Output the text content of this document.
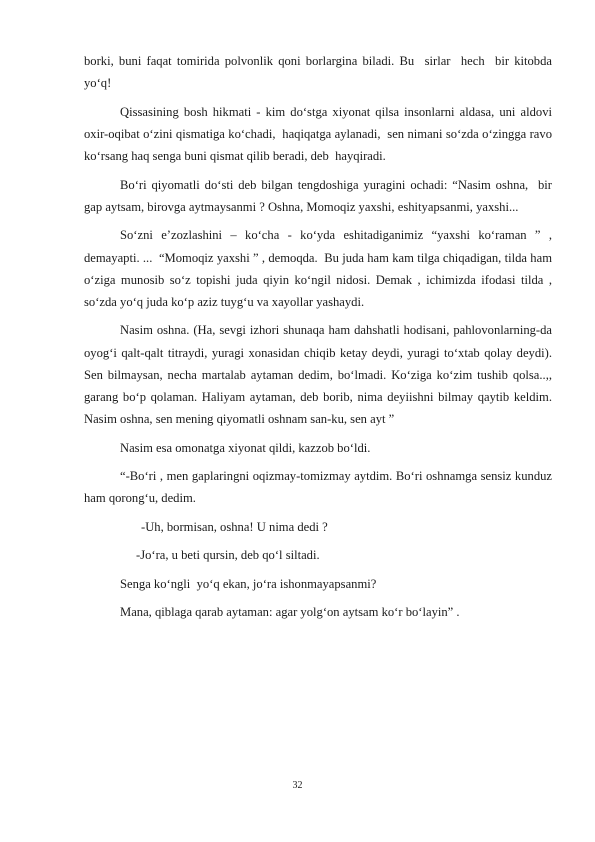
borki, buni faqat tomirida polvonlik qoni borlargina biladi. Bu  sirlar  hech  bir kitobda  yo‘q!

Qissasining bosh hikmati - kim do‘stga xiyonat qilsa insonlarni aldasa, uni aldovi oxir-oqibat o‘zini qismatiga ko‘chadi,  haqiqatga aylanadi,  sen nimani so‘zda o‘zingga ravo ko‘rsang haq senga buni qismat qilib beradi, deb  hayqiradi.

Bo‘ri qiyomatli do‘sti deb bilgan tengdoshiga yuragini ochadi: “Nasim oshna,  bir gap aytsam, birovga aytmaysanmi ? Oshna, Momoqiz yaxshi, eshityapsanmi, yaxshi...

So‘zni e’zozlashini – ko‘cha - ko‘yda eshitadiganimiz “yaxshi ko‘raman ” , demayapti. ...  “Momoqiz yaxshi ” , demoqda.  Bu juda ham kam tilga chiqadigan, tilda ham o‘ziga munosib so‘z topishi juda qiyin ko‘ngil nidosi. Demak , ichimizda ifodasi tilda , so‘zda yo‘q juda ko‘p aziz tuyg‘u va xayollar yashaydi.

Nasim oshna. (Ha, sevgi izhori shunaqa ham dahshatli hodisani, pahlovonlarning-da oyog‘i qalt-qalt titraydi, yuragi xonasidan chiqib ketay deydi, yuragi to‘xtab qolay deydi). Sen bilmaysan, necha martalab aytaman dedim, bo‘lmadi. Ko‘ziga ko‘zim tushib qolsa..,, garang bo‘p qolaman. Haliyam aytaman, deb borib, nima deyiishni bilmay qaytib keldim. Nasim oshna, sen mening qiyomatli oshnam san-ku, sen ayt ”

Nasim esa omonatga xiyonat qildi, kazzob bo‘ldi.

“-Bo‘ri , men gaplaringni oqizmay-tomizmay aytdim. Bo‘ri oshnamga sensiz kunduz ham qorong‘u, dedim.

-Uh, bormisan, oshna! U nima dedi ?

-Jo‘ra, u beti qursin, deb qo‘l siltadi.

Senga ko‘ngli  yo‘q ekan, jo‘ra ishonmayapsanmi?

Mana, qiblaga qarab aytaman: agar yolg‘on aytsam ko‘r bo‘layin” .

32
